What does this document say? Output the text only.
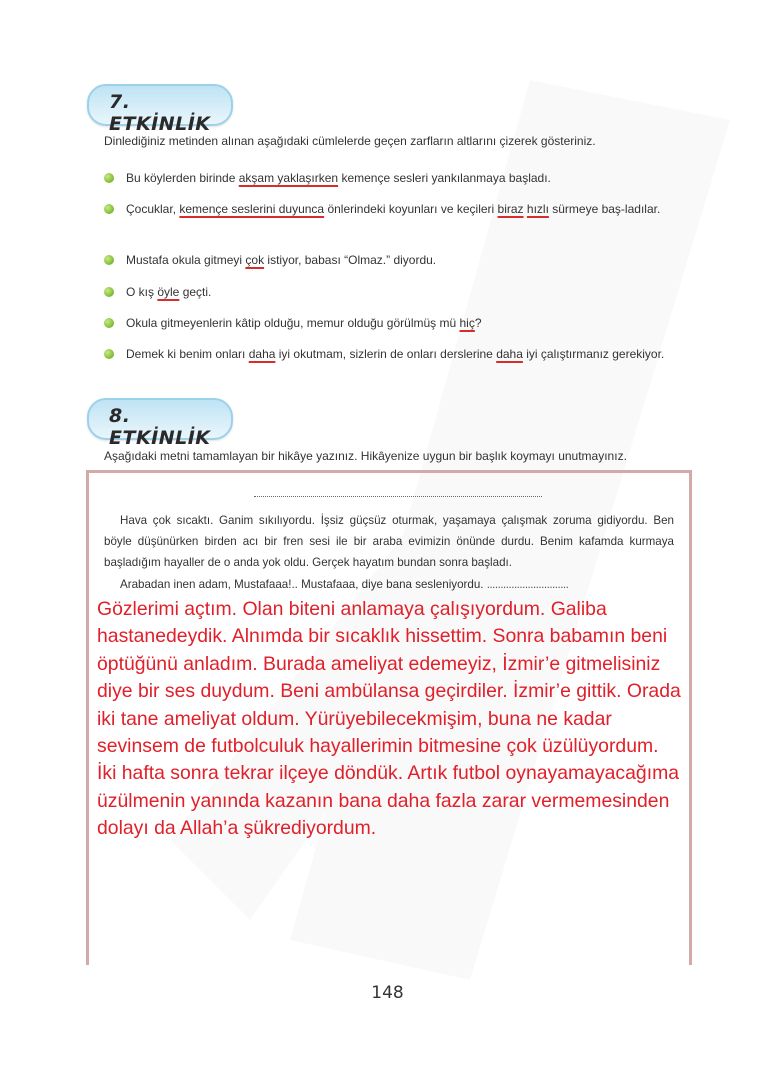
7. ETKİNLİK
Dinlediğiniz metinden alınan aşağıdaki cümlelerde geçen zarfların altlarını çizerek gösteriniz.
Bu köylerden birinde akşam yaklaşırken kemençe sesleri yankılanmaya başladı.
Çocuklar, kemençe seslerini duyunca önlerindeki koyunları ve keçileri biraz hızlı sürmeye baş-ladılar.
Mustafa okula gitmeyi çok istiyor, babası “Olmaz.” diyordu.
O kış öyle geçti.
Okula gitmeyenlerin kâtip olduğu, memur olduğu görülmüş mü hiç?
Demek ki benim onları daha iyi okutmam, sizlerin de onları derslerine daha iyi çalıştırmanız gerekiyor.
8. ETKİNLİK
Aşağıdaki metni tamamlayan bir hikâye yazınız. Hikâyenize uygun bir başlık koymayı unutmayınız.
Hava çok sıcaktı. Ganim sıkılıyordu. İşsiz güçsüz oturmak, yaşamaya çalışmak zoruma gidiyordu. Ben böyle düşünürken birden acı bir fren sesi ile bir araba evimizin önünde durdu. Benim kafamda kurmaya başladığım hayaller de o anda yok oldu. Gerçek hayatım bundan sonra başladı.
Arabadan inen adam, Mustafaaa!.. Mustafaaa, diye bana sesleniyordu. ..............................
Gözlerimi açtım. Olan biteni anlamaya çalışıyordum. Galiba hastanedeydik. Alnımda bir sıcaklık hissettim. Sonra babamın beni öptüğünü anladım. Burada ameliyat edemeyiz, İzmir’e gitmelisiniz diye bir ses duydum. Beni ambülansa geçirdiler. İzmir’e gittik. Orada iki tane ameliyat oldum. Yürüyebilecekmişim, buna ne kadar sevinsem de futbolculuk hayallerimin bitmesine çok üzülüyordum. İki hafta sonra tekrar ilçeye döndük. Artık futbol oynayamayacağıma üzülmenin yanında kazanın bana daha fazla zarar vermemesinden dolayı da Allah’a şükrediyordum.
148
